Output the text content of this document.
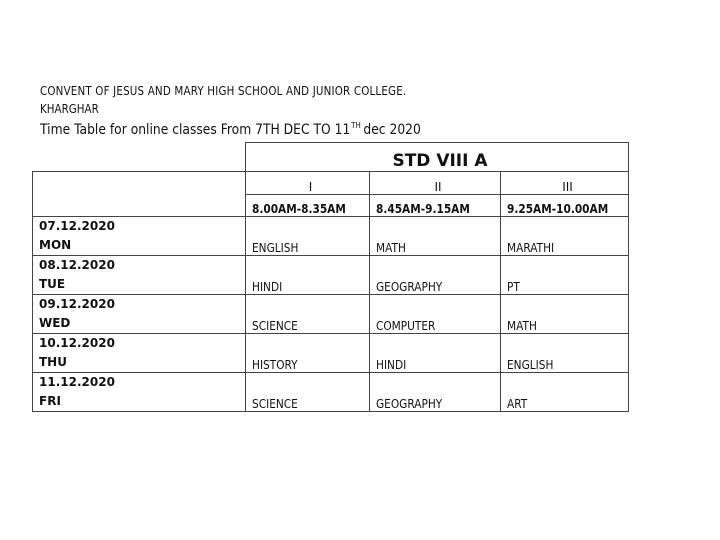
CONVENT OF JESUS AND MARY HIGH SCHOOL AND JUNIOR COLLEGE.
KHARGHAR
Time Table for online classes From 7TH DEC TO 11TH dec 2020
	STD VIII A		
	I	II	III
	8.00AM-8.35AM	8.45AM-9.15AM	9.25AM-10.00AM
07.12.2020
MON	ENGLISH	MATH	MARATHI
08.12.2020
TUE	HINDI	GEOGRAPHY	PT
09.12.2020
WED	SCIENCE	COMPUTER	MATH
10.12.2020
THU	HISTORY	HINDI	ENGLISH
11.12.2020
FRI	SCIENCE	GEOGRAPHY	ART
